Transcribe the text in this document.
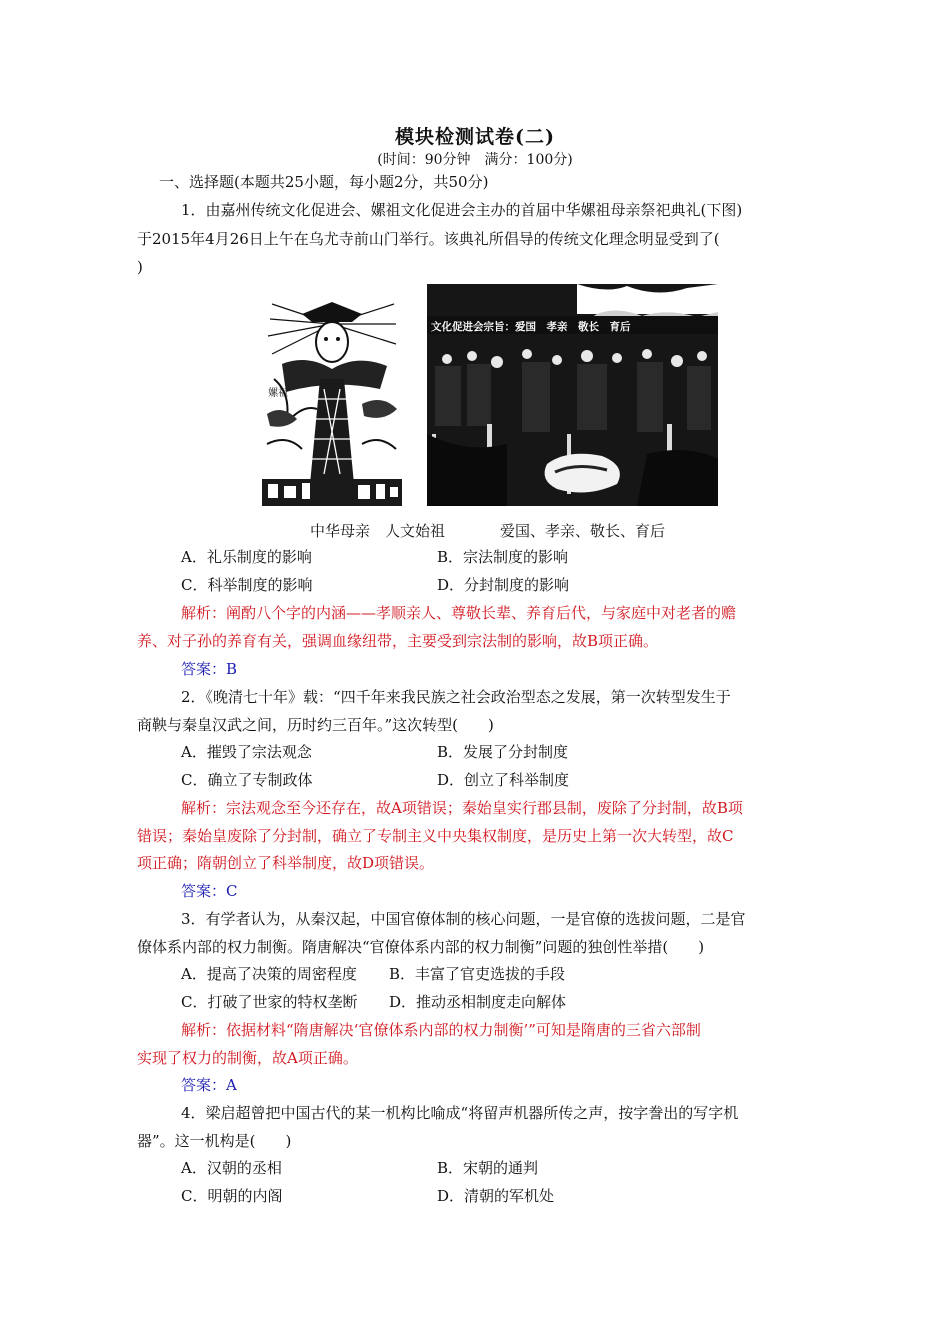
模块检测试卷(二)
(时间：90分钟　满分：100分)
一、选择题(本题共25小题，每小题2分，共50分)
1．由嘉州传统文化促进会、嫘祖文化促进会主办的首届中华嫘祖母亲祭祀典礼(下图)
于2015年4月26日上午在乌尤寺前山门举行。该典礼所倡导的传统文化理念明显受到了(
)
嫘祖
文化促进会宗旨：爱国　孝亲　敬长　育后
中华母亲　人文始祖	爱国、孝亲、敬长、育后
A．礼乐制度的影响	B．宗法制度的影响
C．科举制度的影响	D．分封制度的影响
解析：阐酌八个字的内涵——孝顺亲人、尊敬长辈、养育后代，与家庭中对老者的赡
养、对子孙的养育有关，强调血缘纽带，主要受到宗法制的影响，故B项正确。
答案：B
2．《晚清七十年》载：“四千年来我民族之社会政治型态之发展，第一次转型发生于
商鞅与秦皇汉武之间，历时约三百年。”这次转型(　　)
A．摧毁了宗法观念	B．发展了分封制度
C．确立了专制政体	D．创立了科举制度
解析：宗法观念至今还存在，故A项错误；秦始皇实行郡县制，废除了分封制，故B项
错误；秦始皇废除了分封制，确立了专制主义中央集权制度，是历史上第一次大转型，故C
项正确；隋朝创立了科举制度，故D项错误。
答案：C
3．有学者认为，从秦汉起，中国官僚体制的核心问题，一是官僚的选拔问题，二是官
僚体系内部的权力制衡。隋唐解决“官僚体系内部的权力制衡”问题的独创性举措(　　)
A．提高了决策的周密程度 B．丰富了官吏选拔的手段
C．打破了世家的特权垄断 D．推动丞相制度走向解体
解析：依据材料“隋唐解决‘官僚体系内部的权力制衡’”可知是隋唐的三省六部制
实现了权力的制衡，故A项正确。
答案：A
4．梁启超曾把中国古代的某一机构比喻成“将留声机器所传之声，按字誊出的写字机
器”。这一机构是(　　)
A．汉朝的丞相	B．宋朝的通判
C．明朝的内阁	D．清朝的军机处
